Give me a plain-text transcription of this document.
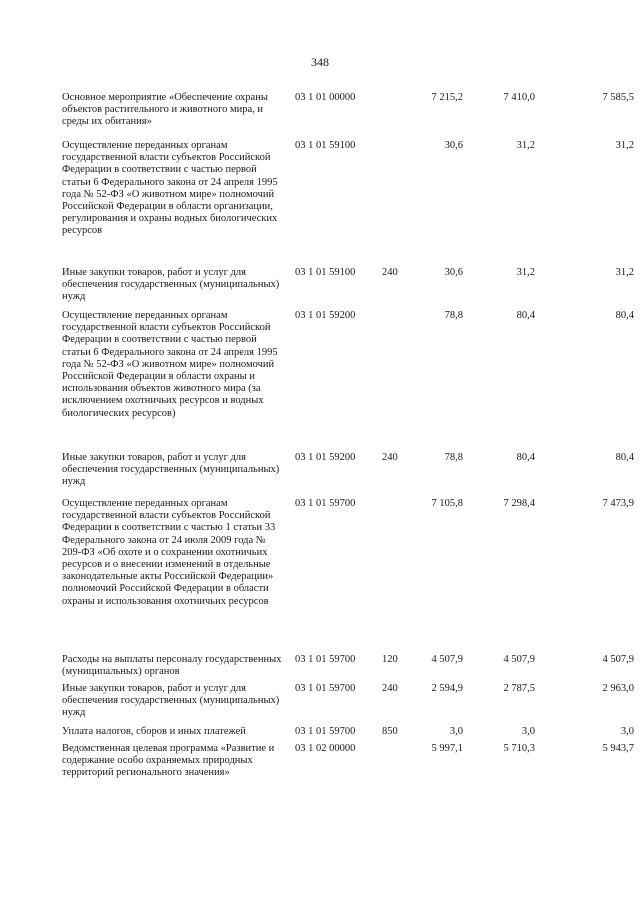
348
Основное мероприятие «Обеспечение охраны объектов растительного и животного мира, и среды их обитания»
03 1 01 00000	7 215,2	7 410,0	7 585,5
Осуществление переданных органам государственной власти субъектов Российской Федерации в соответствии с частью первой статьи 6 Федерального закона от 24 апреля 1995 года № 52-ФЗ «О животном мире» полномочий Российской Федерации в области организации, регулирования и охраны водных биологических ресурсов
03 1 01 59100	30,6	31,2	31,2
Иные закупки товаров, работ и услуг для обеспечения государственных (муниципальных) нужд
03 1 01 59100	240	30,6	31,2	31,2
Осуществление переданных органам государственной власти субъектов Российской Федерации в соответствии с частью первой статьи 6 Федерального закона от 24 апреля 1995 года № 52-ФЗ «О животном мире» полномочий Российской Федерации в области охраны и использования объектов животного мира (за исключением охотничьих ресурсов и водных биологических ресурсов)
03 1 01 59200	78,8	80,4	80,4
Иные закупки товаров, работ и услуг для обеспечения государственных (муниципальных) нужд
03 1 01 59200	240	78,8	80,4	80,4
Осуществление переданных органам государственной власти субъектов Российской Федерации в соответствии с частью 1 статьи 33 Федерального закона от 24 июля 2009 года № 209-ФЗ «Об охоте и о сохранении охотничьих ресурсов и о внесении изменений в отдельные законодательные акты Российской Федерации» полномочий Российской Федерации в области охраны и использования охотничьих ресурсов
03 1 01 59700	7 105,8	7 298,4	7 473,9
Расходы на выплаты персоналу государственных (муниципальных) органов
03 1 01 59700	120	4 507,9	4 507,9	4 507,9
Иные закупки товаров, работ и услуг для обеспечения государственных (муниципальных) нужд
03 1 01 59700	240	2 594,9	2 787,5	2 963,0
Уплата налогов, сборов и иных платежей	03 1 01 59700	850	3,0	3,0	3,0
Ведомственная целевая программа «Развитие и содержание особо охраняемых природных территорий регионального значения»
03 1 02 00000	5 997,1	5 710,3	5 943,7
